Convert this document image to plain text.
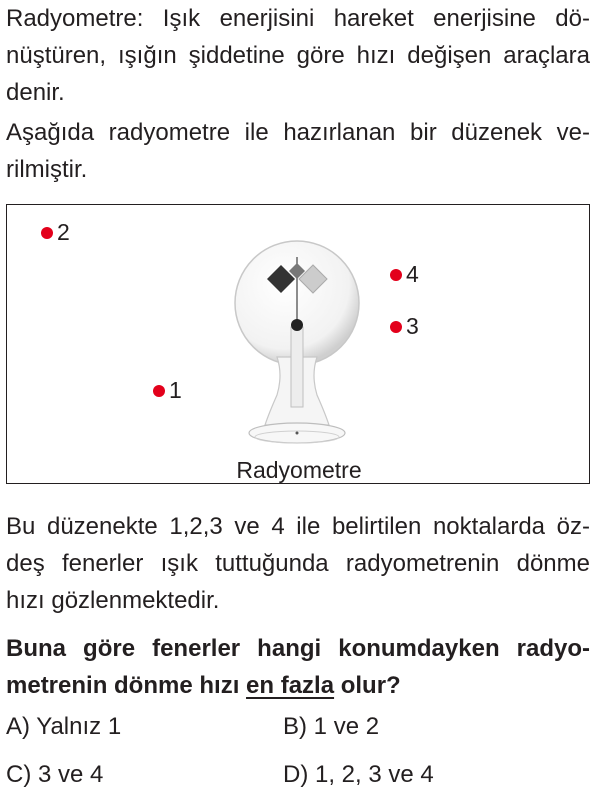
Radyometre: Işık enerjisini hareket enerjisine dö-
nüştüren, ışığın şiddetine göre hızı değişen araçlara
denir.

Aşağıda radyometre ile hazırlanan bir düzenek ve-
rilmiştir.

2
4
3
1
Radyometre

Bu düzenekte 1,2,3 ve 4 ile belirtilen noktalarda öz-
deş fenerler ışık tuttuğunda radyometrenin dönme
hızı gözlenmektedir.

Buna göre fenerler hangi konumdayken radyo-
metrenin dönme hızı en fazla olur?

A) Yalnız 1	B) 1 ve 2
C) 3 ve 4	D) 1, 2, 3 ve 4
